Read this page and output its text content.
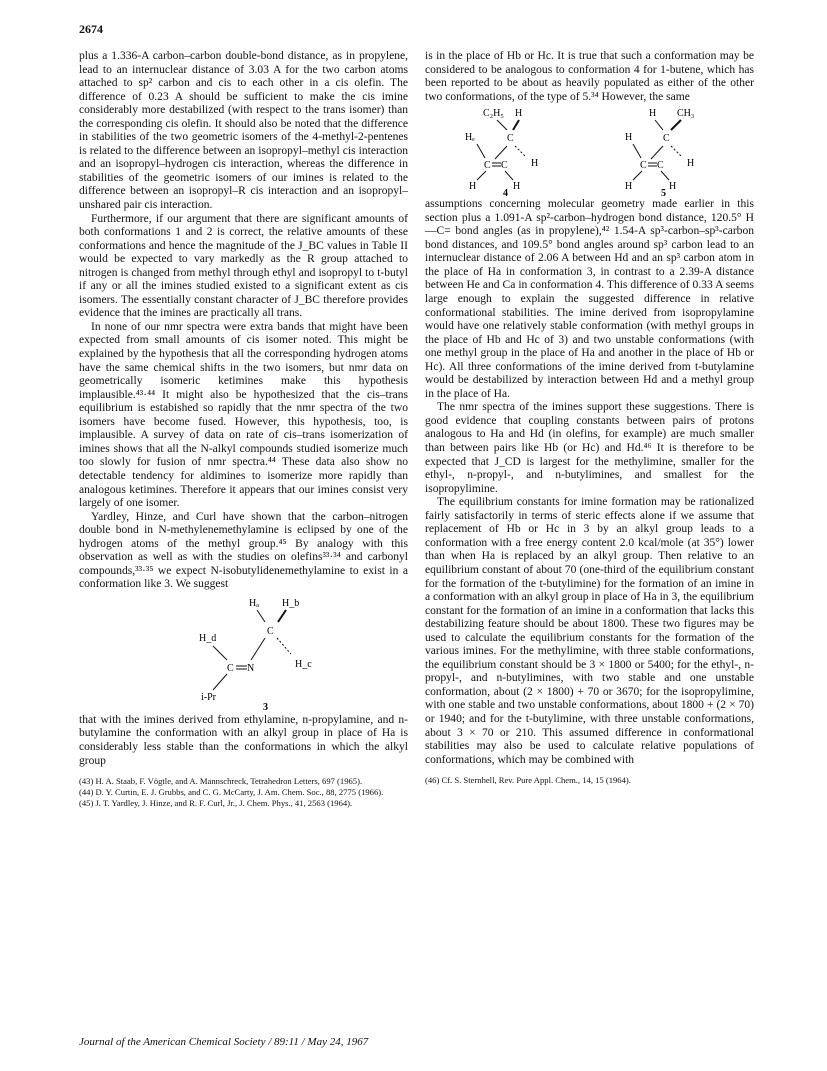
2674

plus a 1.336-A carbon–carbon double-bond distance, as in propylene, lead to an internuclear distance of 3.03 A for the two carbon atoms attached to sp² carbon and cis to each other in a cis olefin. The difference of 0.23 A should be sufficient to make the cis imine considerably more destabilized (with respect to the trans isomer) than the corresponding cis olefin. It should also be noted that the difference in stabilities of the two geometric isomers of the 4-methyl-2-pentenes is related to the difference between an isopropyl–methyl cis interaction and an isopropyl–hydrogen cis interaction, whereas the difference in stabilities of the geometric isomers of our imines is related to the difference between an isopropyl–R cis interaction and an isopropyl–unshared pair cis interaction.

Furthermore, if our argument that there are significant amounts of both conformations 1 and 2 is correct, the relative amounts of these conformations and hence the magnitude of the J_BC values in Table II would be expected to vary markedly as the R group attached to nitrogen is changed from methyl through ethyl and isopropyl to t-butyl if any or all the imines studied existed to a significant extent as cis isomers. The essentially constant character of J_BC therefore provides evidence that the imines are practically all trans.

In none of our nmr spectra were extra bands that might have been expected from small amounts of cis isomer noted. This might be explained by the hypothesis that all the corresponding hydrogen atoms have the same chemical shifts in the two isomers, but nmr data on geometrically isomeric ketimines make this hypothesis implausible.⁴³·⁴⁴ It might also be hypothesized that the cis–trans equilibrium is estabished so rapidly that the nmr spectra of the two isomers have become fused. However, this hypothesis, too, is implausible. A survey of data on rate of cis–trans isomerization of imines shows that all the N-alkyl compounds studied isomerize much too slowly for fusion of nmr spectra.⁴⁴ These data also show no detectable tendency for aldimines to isomerize more rapidly than analogous ketimines. Therefore it appears that our imines consist very largely of one isomer.

Yardley, Hinze, and Curl have shown that the carbon–nitrogen double bond in N-methylenemethylamine is eclipsed by one of the hydrogen atoms of the methyl group.⁴⁵ By analogy with this observation as well as with the studies on olefins³³·³⁴ and carbonyl compounds,³³·³⁵ we expect N-isobutylidenemethylamine to exist in a conformation like 3. We suggest

Hₐ H_b
C
H_d
C N	H_c
i-Pr
3

that with the imines derived from ethylamine, n-propylamine, and n-butylamine the conformation with an alkyl group in place of Ha is considerably less stable than the conformations in which the alkyl group

(43) H. A. Staab, F. Vögtle, and A. Mannschreck, Tetrahedron Letters, 697 (1965).
(44) D. Y. Curtin, E. J. Grubbs, and C. G. McCarty, J. Am. Chem. Soc., 88, 2775 (1966).
(45) J. T. Yardley, J. Hinze, and R. F. Curl, Jr., J. Chem. Phys., 41, 2563 (1964).

is in the place of Hb or Hc. It is true that such a conformation may be considered to be analogous to conformation 4 for 1-butene, which has been reported to be about as heavily populated as either of the other two conformations, of the type of 5.³⁴ However, the same

C₂H₅ H
C
Hₑ
C C H
H	H
4
H CH₃
C
H
C C H
H	H
5

assumptions concerning molecular geometry made earlier in this section plus a 1.091-A sp²-carbon–hydrogen bond distance, 120.5° H—C= bond angles (as in propylene),⁴² 1.54-A sp³-carbon–sp³-carbon bond distances, and 109.5° bond angles around sp³ carbon lead to an internuclear distance of 2.06 A between Hd and an sp³ carbon atom in the place of Ha in conformation 3, in contrast to a 2.39-A distance between He and Ca in conformation 4. This difference of 0.33 A seems large enough to explain the suggested difference in relative conformational stabilities. The imine derived from isopropylamine would have one relatively stable conformation (with methyl groups in the place of Hb and Hc of 3) and two unstable conformations (with one methyl group in the place of Ha and another in the place of Hb or Hc). All three conformations of the imine derived from t-butylamine would be destabilized by interaction between Hd and a methyl group in the place of Ha.

The nmr spectra of the imines support these suggestions. There is good evidence that coupling constants between pairs of protons analogous to Ha and Hd (in olefins, for example) are much smaller than between pairs like Hb (or Hc) and Hd.⁴⁶ It is therefore to be expected that J_CD is largest for the methylimine, smaller for the ethyl-, n-propyl-, and n-butylimines, and smallest for the isopropylimine.

The equilibrium constants for imine formation may be rationalized fairly satisfactorily in terms of steric effects alone if we assume that replacement of Hb or Hc in 3 by an alkyl group leads to a conformation with a free energy content 2.0 kcal/mole (at 35°) lower than when Ha is replaced by an alkyl group. Then relative to an equilibrium constant of about 70 (one-third of the equilibrium constant for the formation of the t-butylimine) for the formation of an imine in a conformation with an alkyl group in place of Ha in 3, the equilibrium constant for the formation of an imine in a conformation that lacks this destabilizing feature should be about 1800. These two figures may be used to calculate the equilibrium constants for the formation of the various imines. For the methylimine, with three stable conformations, the equilibrium constant should be 3 × 1800 or 5400; for the ethyl-, n-propyl-, and n-butylimines, with two stable and one unstable conformation, about (2 × 1800) + 70 or 3670; for the isopropylimine, with one stable and two unstable conformations, about 1800 + (2 × 70) or 1940; and for the t-butylimine, with three unstable conformations, about 3 × 70 or 210. This assumed difference in conformational stabilities may also be used to calculate relative populations of conformations, which may be combined with

(46) Cf. S. Sternhell, Rev. Pure Appl. Chem., 14, 15 (1964).
Journal of the American Chemical Society / 89:11 / May 24, 1967
